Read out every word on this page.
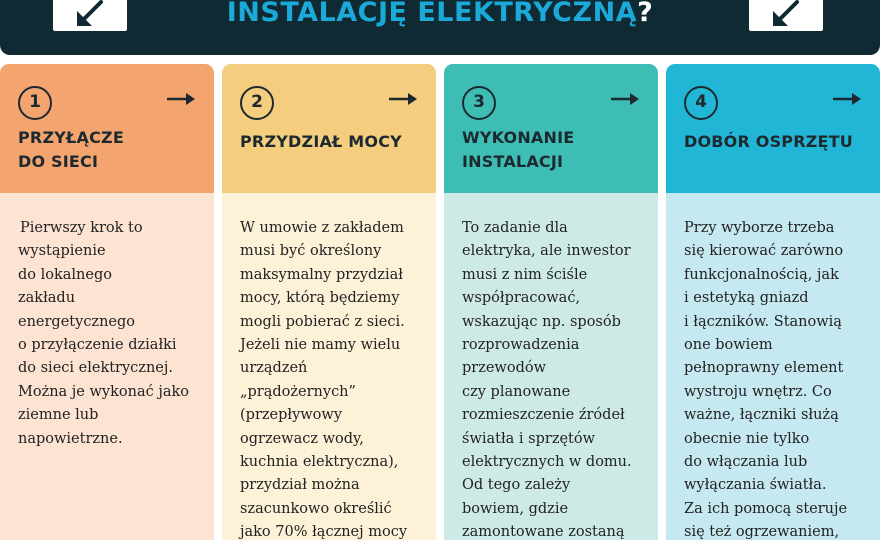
INSTALACJĘ ELEKTRYCZNĄ?
1
PRZYŁĄCZE
DO SIECI
Pierwszy krok to
wystąpienie
do lokalnego
zakładu
energetycznego
o przyłączenie działki
do sieci elektrycznej.
Można je wykonać jako
ziemne lub
napowietrzne.
2
PRZYDZIAŁ MOCY
W umowie z zakładem
musi być określony
maksymalny przydział
mocy, którą będziemy
mogli pobierać z sieci.
Jeżeli nie mamy wielu
urządzeń
„prądożernych”
(przepływowy
ogrzewacz wody,
kuchnia elektryczna),
przydział można
szacunkowo określić
jako 70% łącznej mocy
3
WYKONANIE
INSTALACJI
To zadanie dla
elektryka, ale inwestor
musi z nim ściśle
współpracować,
wskazując np. sposób
rozprowadzenia
przewodów
czy planowane
rozmieszczenie źródeł
światła i sprzętów
elektrycznych w domu.
Od tego zależy
bowiem, gdzie
zamontowane zostaną
4
DOBÓR OSPRZĘTU
Przy wyborze trzeba
się kierować zarówno
funkcjonalnością, jak
i estetyką gniazd
i łączników. Stanowią
one bowiem
pełnoprawny element
wystroju wnętrz. Co
ważne, łączniki służą
obecnie nie tylko
do włączania lub
wyłączania światła.
Za ich pomocą steruje
się też ogrzewaniem,
